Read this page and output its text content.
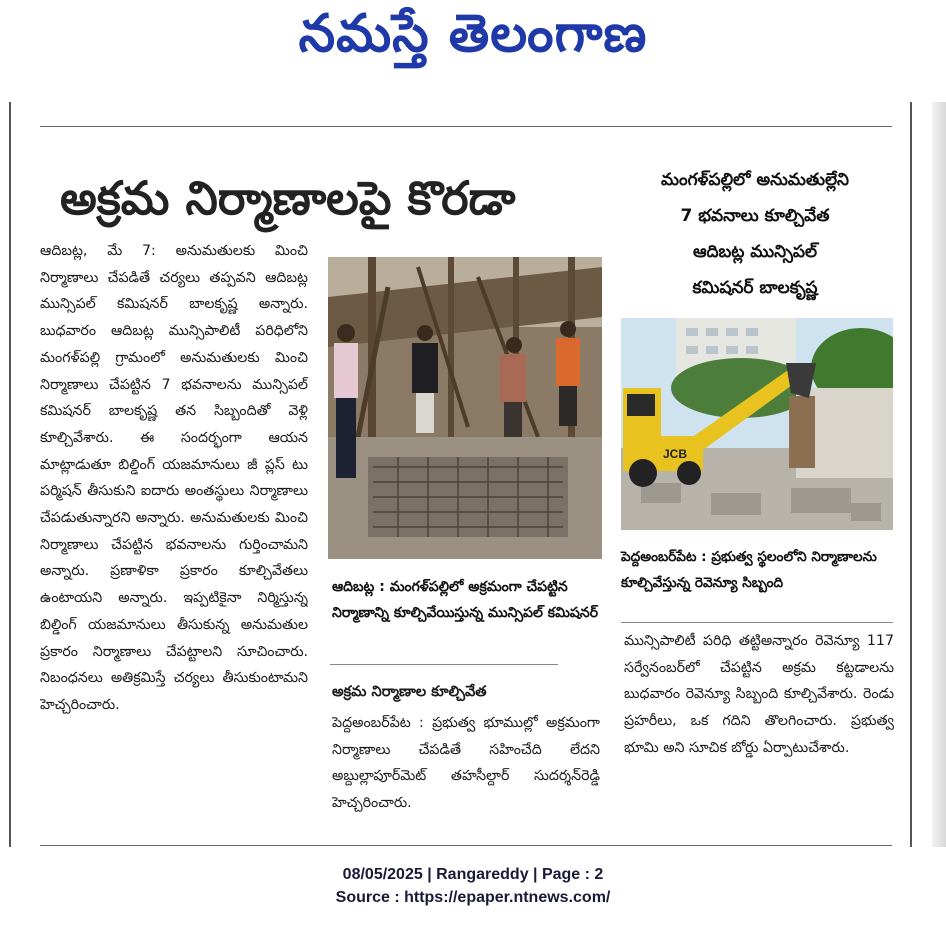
నమస్తే తెలంగాణ
అక్రమ నిర్మాణాలపై కొరడా	మంగళ్‌పల్లిలో అనుమతుల్లేని
7 భవనాలు కూల్చివేత
ఆదిబట్ల మున్సిపల్
కమిషనర్ బాలకృష్ణ
ఆదిబట్ల, మే 7: అనుమతులకు మించి నిర్మాణాలు చేపడితే చర్యలు తప్పవని ఆదిబట్ల మున్సిపల్ కమిషనర్ బాలకృష్ణ అన్నారు. బుధవారం ఆదిబట్ల మున్సిపాలిటీ పరిధిలోని మంగళ్‌పల్లి గ్రామంలో అనుమతులకు మించి నిర్మాణాలు చేపట్టిన 7 భవనాలను మున్సిపల్ కమిషనర్ బాలకృష్ణ తన సిబ్బందితో వెళ్లి కూల్చివేశారు. ఈ సందర్భంగా ఆయన మాట్లాడుతూ బిల్డింగ్ యజమానులు జీ ప్లస్ టు పర్మిషన్ తీసుకుని ఐదారు అంతస్థులు నిర్మాణాలు చేపడుతున్నారని అన్నారు. అనుమతులకు మించి నిర్మాణాలు చేపట్టిన భవనాలను గుర్తించామని అన్నారు. ప్రణాళికా ప్రకారం కూల్చివేతలు ఉంటాయని అన్నారు. ఇప్పటికైనా నిర్మిస్తున్న బిల్డింగ్ యజమానులు తీసుకున్న అనుమతుల ప్రకారం నిర్మాణాలు చేపట్టాలని సూచించారు. నిబంధనలు అతిక్రమిస్తే చర్యలు తీసుకుంటామని హెచ్చరించారు.
ఆదిబట్ల : మంగళ్‌పల్లిలో అక్రమంగా చేపట్టిన నిర్మాణాన్ని కూల్చివేయిస్తున్న మున్సిపల్ కమిషనర్
అక్రమ నిర్మాణాల కూల్చివేత
పెద్దఅంబర్‌పేట : ప్రభుత్వ భూముల్లో అక్రమంగా నిర్మాణాలు చేపడితే సహించేది లేదని అబ్దుల్లాపూర్‌మెట్ తహసీల్దార్ సుదర్శన్‌రెడ్డి హెచ్చరించారు.
JCB
పెద్దఅంబర్‌పేట : ప్రభుత్వ స్థలంలోని నిర్మాణాలను కూల్చివేస్తున్న రెవెన్యూ సిబ్బంది
మున్సిపాలిటీ పరిధి తట్టిఅన్నారం రెవెన్యూ 117 సర్వేనంబర్‌లో చేపట్టిన అక్రమ కట్టడాలను బుధవారం రెవెన్యూ సిబ్బంది కూల్చివేశారు. రెండు ప్రహరీలు, ఒక గదిని తొలగించారు. ప్రభుత్వ భూమి అని సూచిక బోర్డు ఏర్పాటుచేశారు.
08/05/2025 | Rangareddy | Page : 2
Source : https://epaper.ntnews.com/
